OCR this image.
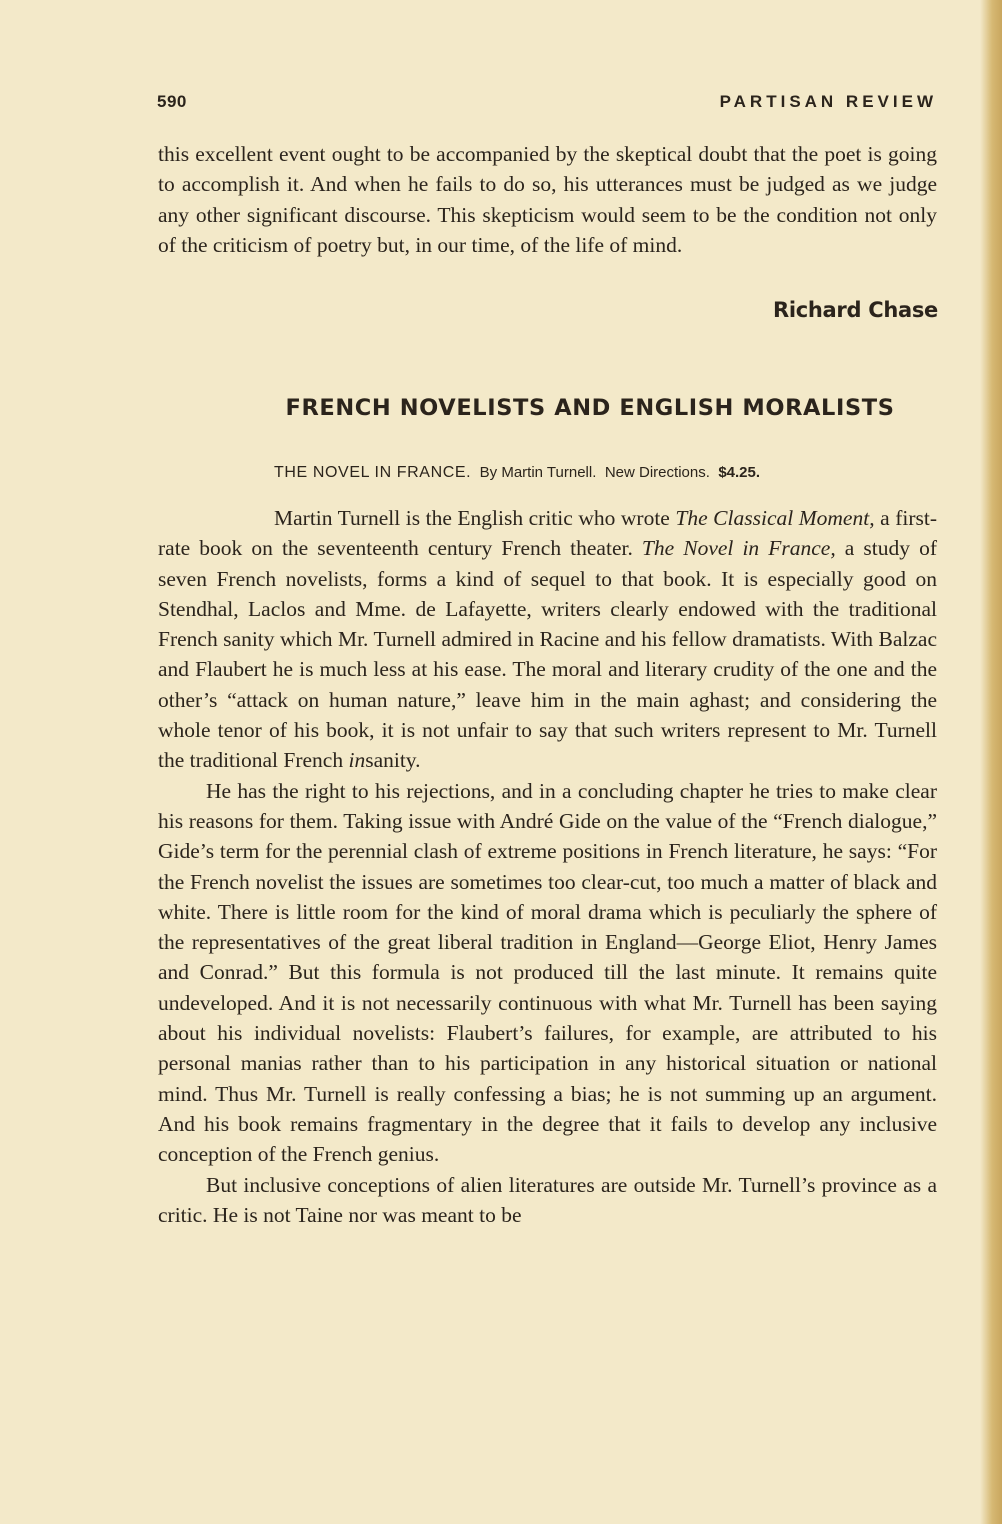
590	PARTISAN REVIEW

this excellent event ought to be accompanied by the skeptical doubt that the poet is going to accomplish it. And when he fails to do so, his utterances must be judged as we judge any other significant discourse. This skepticism would seem to be the condition not only of the criticism of poetry but, in our time, of the life of mind.

Richard Chase
FRENCH NOVELISTS AND ENGLISH MORALISTS
THE NOVEL IN FRANCE. By Martin Turnell. New Directions. $4.25.

Martin Turnell is the English critic who wrote The Classical Moment, a first-rate book on the seventeenth century French theater. The Novel in France, a study of seven French novelists, forms a kind of sequel to that book. It is especially good on Stendhal, Laclos and Mme. de Lafayette, writers clearly endowed with the traditional French sanity which Mr. Turnell admired in Racine and his fellow dramatists. With Balzac and Flaubert he is much less at his ease. The moral and literary crudity of the one and the other’s “attack on human nature,” leave him in the main aghast; and considering the whole tenor of his book, it is not unfair to say that such writers represent to Mr. Turnell the traditional French insanity.

He has the right to his rejections, and in a concluding chapter he tries to make clear his reasons for them. Taking issue with André Gide on the value of the “French dialogue,” Gide’s term for the perennial clash of extreme positions in French literature, he says: “For the French novelist the issues are sometimes too clear-cut, too much a matter of black and white. There is little room for the kind of moral drama which is peculiarly the sphere of the representatives of the great liberal tradition in England—George Eliot, Henry James and Conrad.” But this formula is not produced till the last minute. It remains quite undeveloped. And it is not necessarily continuous with what Mr. Turnell has been saying about his individual novelists: Flaubert’s failures, for example, are attributed to his personal manias rather than to his participation in any historical situation or national mind. Thus Mr. Turnell is really confessing a bias; he is not summing up an argument. And his book remains fragmentary in the degree that it fails to develop any inclusive conception of the French genius.

But inclusive conceptions of alien literatures are outside Mr. Turnell’s province as a critic. He is not Taine nor was meant to be
